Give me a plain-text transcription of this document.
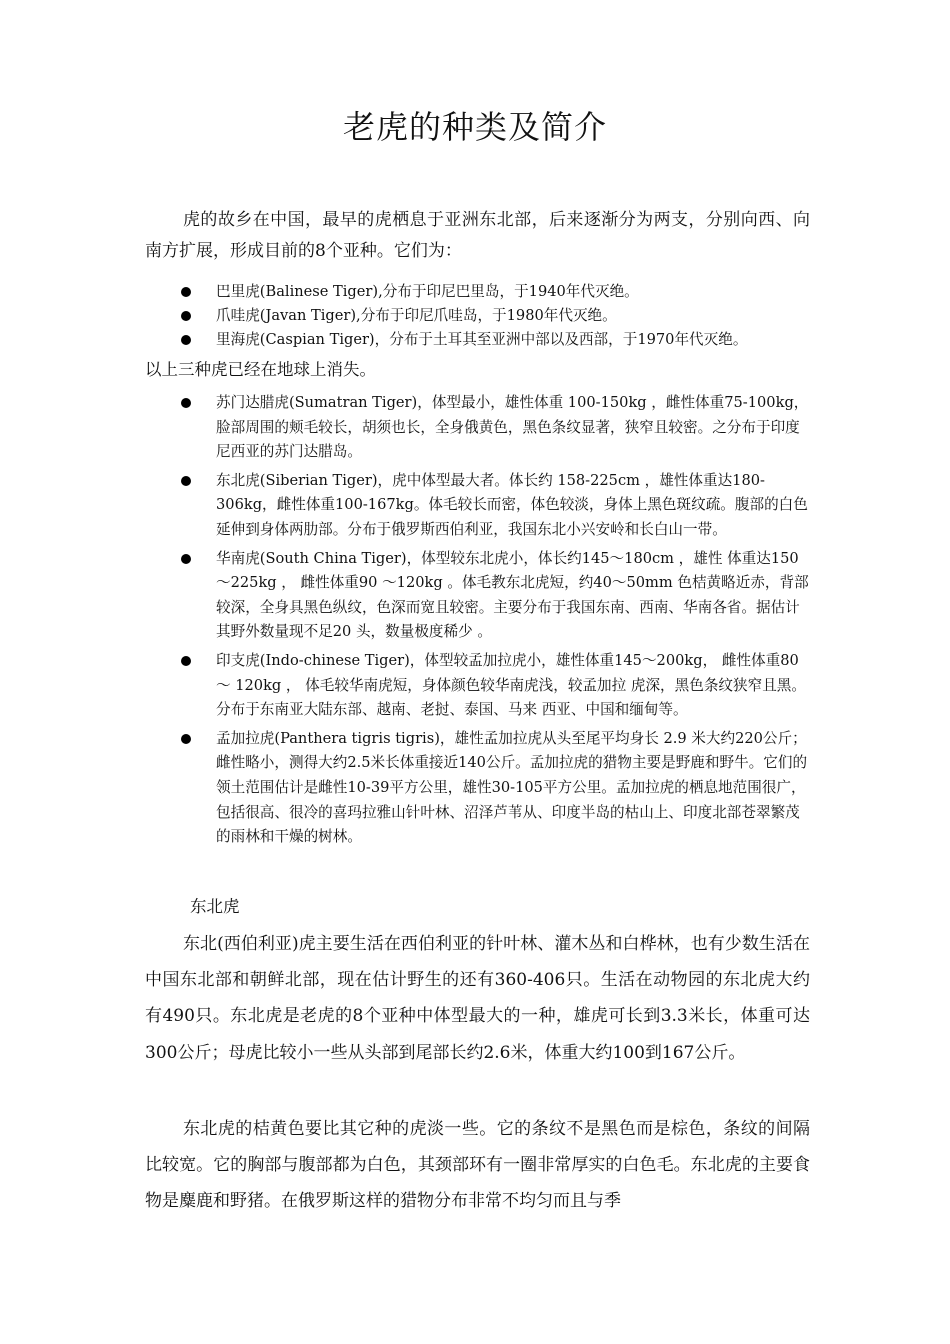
老虎的种类及简介

虎的故乡在中国，最早的虎栖息于亚洲东北部，后来逐渐分为两支，分别向西、向南方扩展，形成目前的8个亚种。它们为：

巴里虎(Balinese Tiger),分布于印尼巴里岛，于1940年代灭绝。
爪哇虎(Javan Tiger),分布于印尼爪哇岛，于1980年代灭绝。
里海虎(Caspian Tiger)，分布于土耳其至亚洲中部以及西部，于1970年代灭绝。

以上三种虎已经在地球上消失。

苏门达腊虎(Sumatran Tiger)，体型最小，雄性体重 100-150kg ，雌性体重75-100kg，脸部周围的颊毛较长，胡须也长，全身俄黄色，黑色条纹显著，狭窄且较密。之分布于印度尼西亚的苏门达腊岛。
东北虎(Siberian Tiger)，虎中体型最大者。体长约 158-225cm ，雄性体重达180-306kg，雌性体重100-167kg。体毛较长而密，体色较淡，身体上黑色斑纹疏。腹部的白色延伸到身体两肋部。分布于俄罗斯西伯利亚，我国东北小兴安岭和长白山一带。
华南虎(South China Tiger)，体型较东北虎小，体长约145～180cm ，雄性 体重达150～225kg ， 雌性体重90 ～120kg 。体毛教东北虎短，约40～50mm 色桔黄略近赤，背部较深，全身具黑色纵纹，色深而宽且较密。主要分布于我国东南、西南、华南各省。据估计其野外数量现不足20 头，数量极度稀少 。
印支虎(Indo-chinese Tiger)，体型较孟加拉虎小，雄性体重145～200kg， 雌性体重80 ～ 120kg ， 体毛较华南虎短，身体颜色较华南虎浅，较孟加拉 虎深，黑色条纹狭窄且黑。分布于东南亚大陆东部、越南、老挝、泰国、马来 西亚、中国和缅甸等。
孟加拉虎(Panthera tigris tigris)，雄性孟加拉虎从头至尾平均身长 2.9 米大约220公斤；雌性略小，测得大约2.5米长体重接近140公斤。孟加拉虎的猎物主要是野鹿和野牛。它们的领土范围估计是雌性10-39平方公里，雄性30-105平方公里。孟加拉虎的栖息地范围很广，包括很高、很冷的喜玛拉雅山针叶林、沼泽芦苇从、印度半岛的枯山上、印度北部苍翠繁茂的雨林和干燥的树林。

东北虎

东北(西伯利亚)虎主要生活在西伯利亚的针叶林、灌木丛和白桦林，也有少数生活在中国东北部和朝鲜北部，现在估计野生的还有360-406只。生活在动物园的东北虎大约有490只。东北虎是老虎的8个亚种中体型最大的一种，雄虎可长到3.3米长，体重可达300公斤；母虎比较小一些从头部到尾部长约2.6米，体重大约100到167公斤。

东北虎的桔黄色要比其它种的虎淡一些。它的条纹不是黑色而是棕色，条纹的间隔比较宽。它的胸部与腹部都为白色，其颈部环有一圈非常厚实的白色毛。东北虎的主要食物是麋鹿和野猪。在俄罗斯这样的猎物分布非常不均匀而且与季
